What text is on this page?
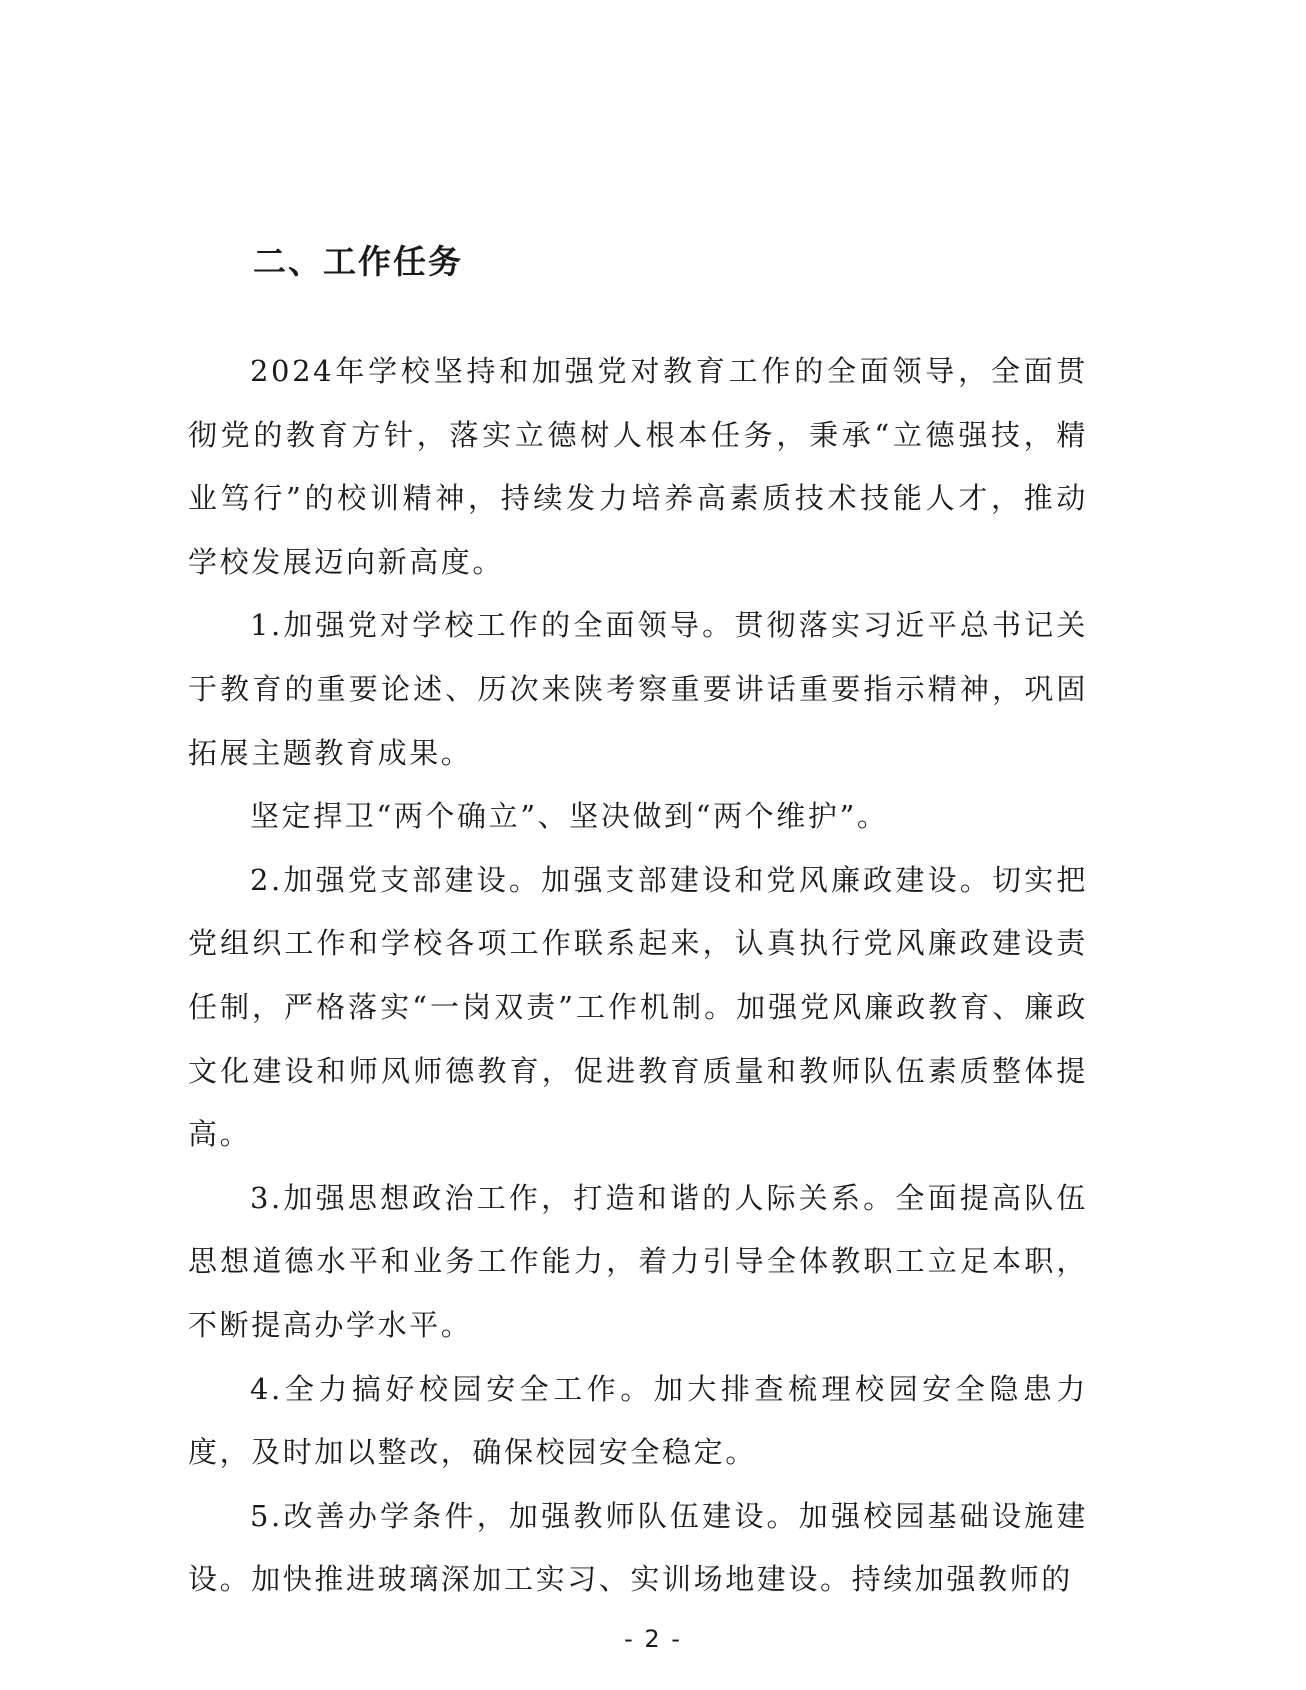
二、工作任务

2024年学校坚持和加强党对教育工作的全面领导，全面贯彻党的教育方针，落实立德树人根本任务，秉承“立德强技，精业笃行”的校训精神，持续发力培养高素质技术技能人才，推动学校发展迈向新高度。

1.加强党对学校工作的全面领导。贯彻落实习近平总书记关于教育的重要论述、历次来陕考察重要讲话重要指示精神，巩固拓展主题教育成果。

坚定捍卫“两个确立”、坚决做到“两个维护”。

2.加强党支部建设。加强支部建设和党风廉政建设。切实把党组织工作和学校各项工作联系起来，认真执行党风廉政建设责任制，严格落实“一岗双责”工作机制。加强党风廉政教育、廉政文化建设和师风师德教育，促进教育质量和教师队伍素质整体提高。

3.加强思想政治工作，打造和谐的人际关系。全面提高队伍思想道德水平和业务工作能力，着力引导全体教职工立足本职，不断提高办学水平。

4.全力搞好校园安全工作。加大排查梳理校园安全隐患力度，及时加以整改，确保校园安全稳定。

5.改善办学条件，加强教师队伍建设。加强校园基础设施建设。加快推进玻璃深加工实习、实训场地建设。持续加强教师的

- 2 -
